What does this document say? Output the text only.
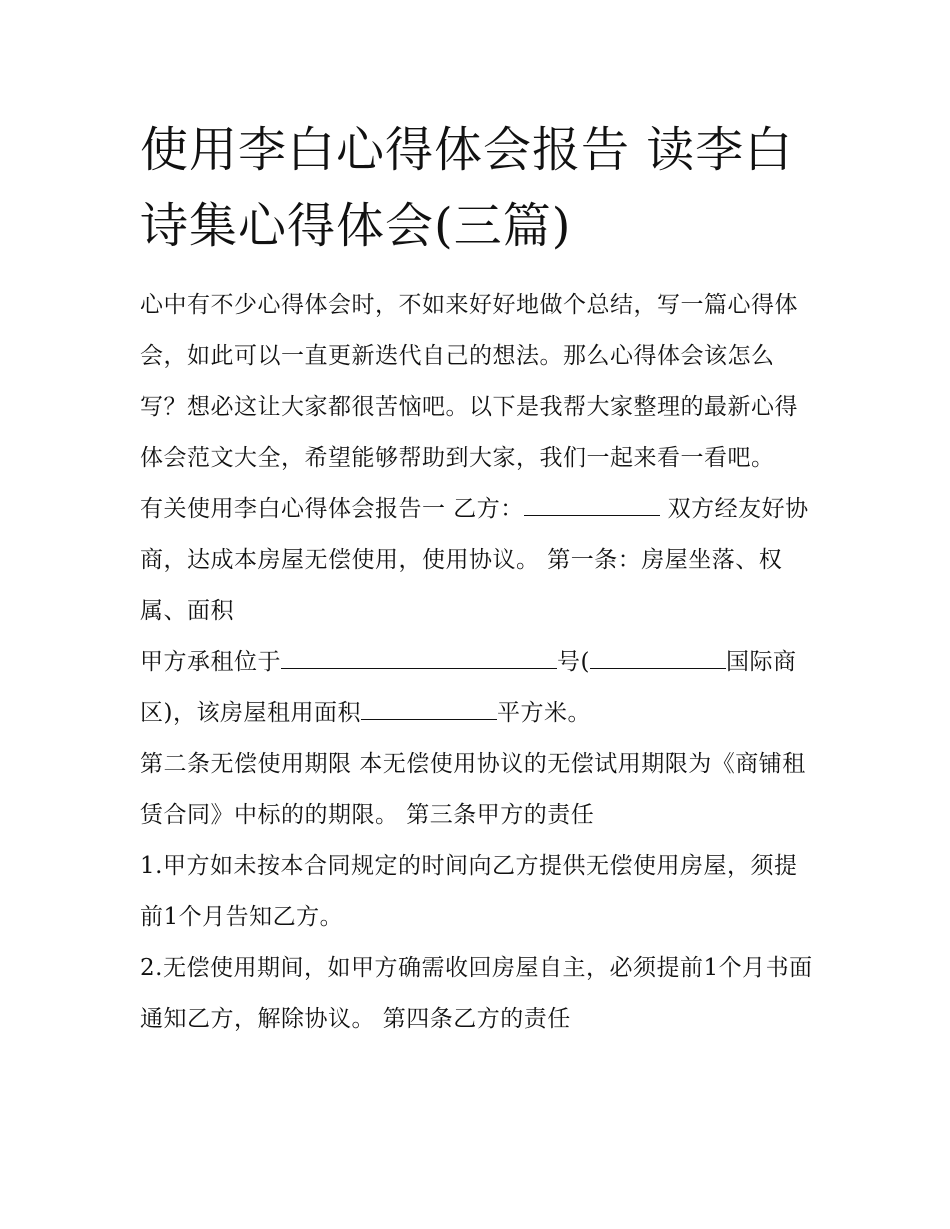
使用李白心得体会报告 读李白诗集心得体会(三篇)

心中有不少心得体会时，不如来好好地做个总结，写一篇心得体会，如此可以一直更新迭代自己的想法。那么心得体会该怎么写？想必这让大家都很苦恼吧。以下是我帮大家整理的最新心得体会范文大全，希望能够帮助到大家，我们一起来看一看吧。

有关使用李白心得体会报告一 乙方：	双方经友好协商，达成本房屋无偿使用，使用协议。 第一条：房屋坐落、权属、面积

甲方承租位于	号(	国际商区)，该房屋租用面积	平方米。

第二条无偿使用期限 本无偿使用协议的无偿试用期限为《商铺租赁合同》中标的的期限。 第三条甲方的责任

1.甲方如未按本合同规定的时间向乙方提供无偿使用房屋，须提前1个月告知乙方。

2.无偿使用期间，如甲方确需收回房屋自主，必须提前1个月书面通知乙方，解除协议。 第四条乙方的责任
